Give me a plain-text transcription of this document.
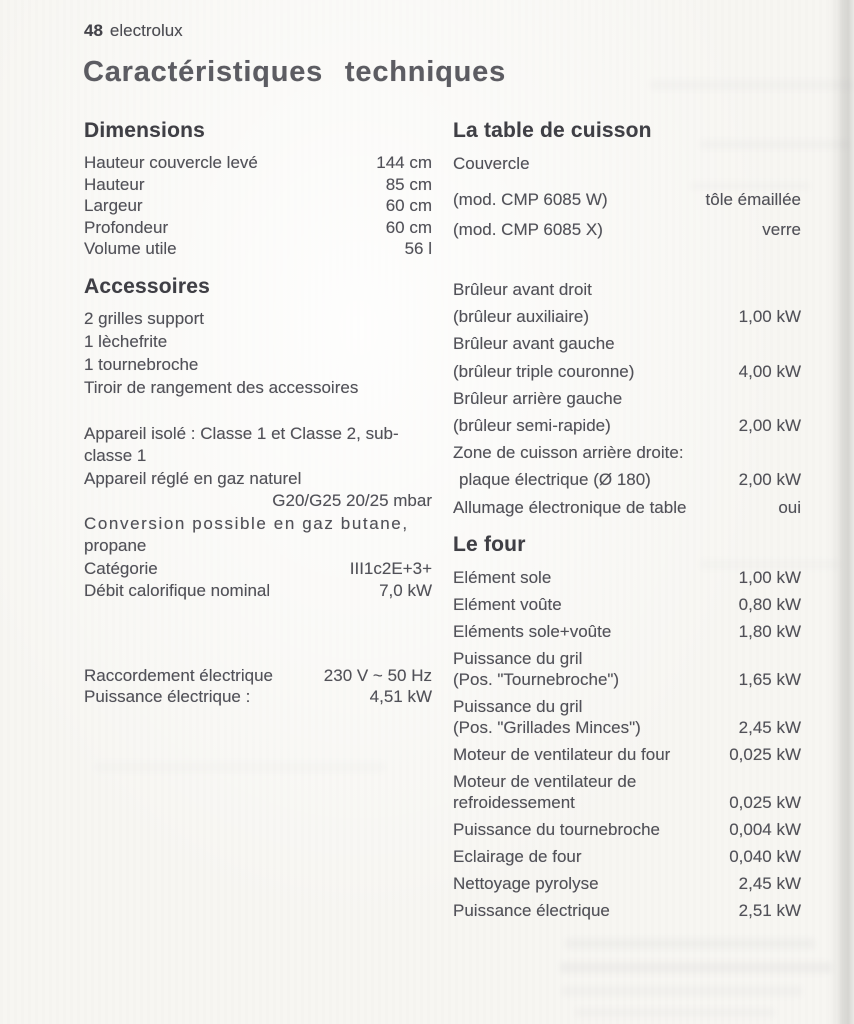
48 electrolux
Caractéristiques techniques
Dimensions
Hauteur couvercle levé	144 cm
Hauteur	85 cm
Largeur	60 cm
Profondeur	60 cm
Volume utile	56 l
Accessoires
2 grilles support
1 lèchefrite
1 tournebroche
Tiroir de rangement des accessoires
Appareil isolé : Classe 1 et Classe 2, sub-
classe 1
Appareil réglé en gaz naturel
G20/G25 20/25 mbar
Conversion possible en gaz butane,
propane
Catégorie	III1c2E+3+
Débit calorifique nominal	7,0 kW
Raccordement électrique	230 V ~ 50 Hz
Puissance électrique :	4,51 kW
La table de cuisson
Couvercle
(mod. CMP 6085 W)	tôle émaillée
(mod. CMP 6085 X)	verre
Brûleur avant droit
(brûleur auxiliaire)	1,00 kW
Brûleur avant gauche
(brûleur triple couronne)	4,00 kW
Brûleur arrière gauche
(brûleur semi-rapide)	2,00 kW
Zone de cuisson arrière droite:
plaque électrique (Ø 180)	2,00 kW
Allumage électronique de table	oui
Le four
Elément sole	1,00 kW
Elément voûte	0,80 kW
Eléments sole+voûte	1,80 kW
Puissance du gril
(Pos. "Tournebroche")	1,65 kW
Puissance du gril
(Pos. "Grillades Minces")	2,45 kW
Moteur de ventilateur du four	0,025 kW
Moteur de ventilateur de
refroidessement	0,025 kW
Puissance du tournebroche	0,004 kW
Eclairage de four	0,040 kW
Nettoyage pyrolyse	2,45 kW
Puissance électrique	2,51 kW
